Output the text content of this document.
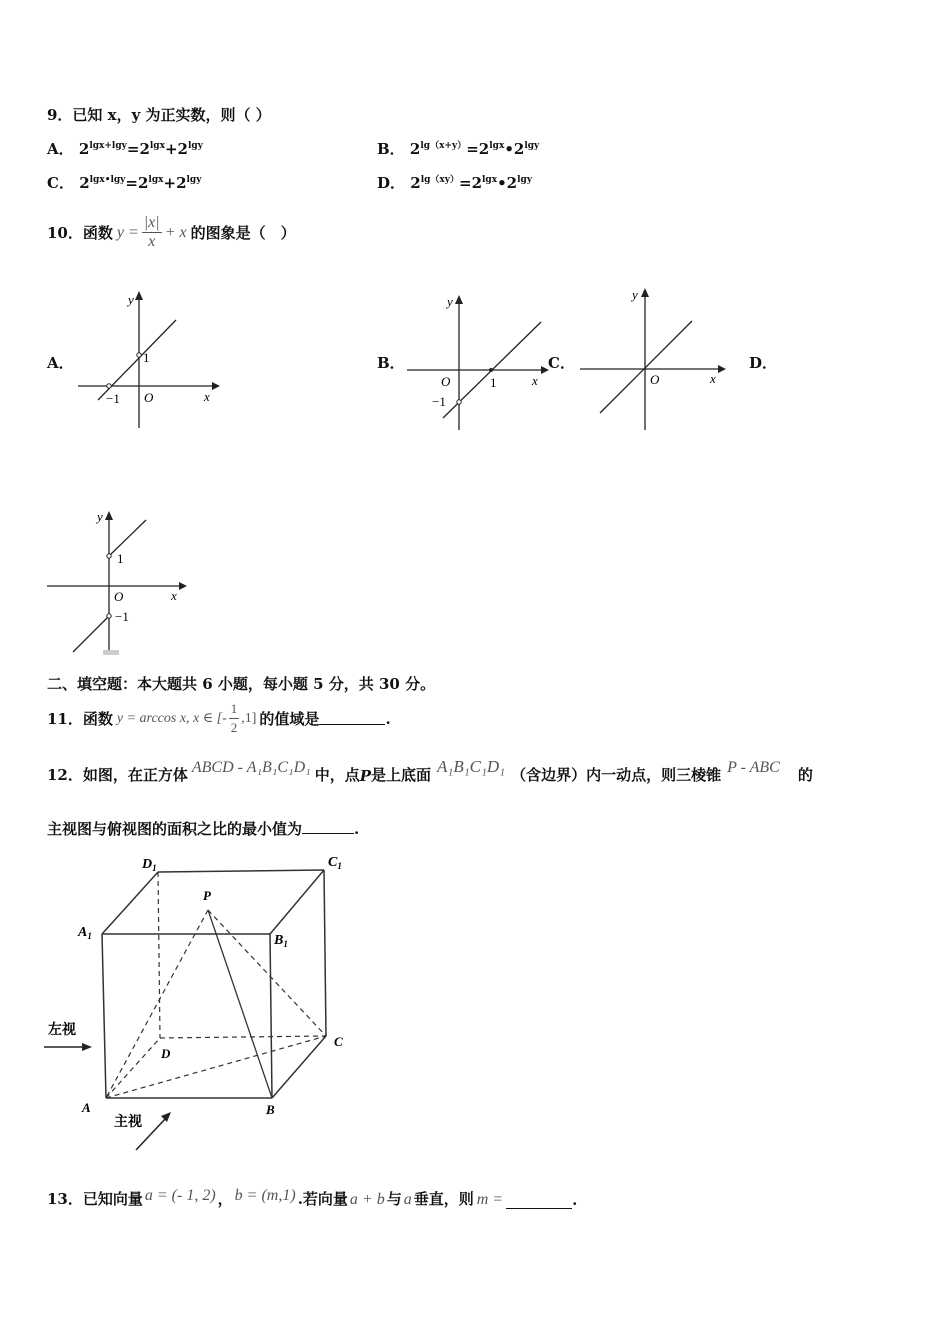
9．已知 x，y 为正实数，则（ ）
A． $2^{lgx+lgy}=2^{lgx}+2^{lgy}$	B． $2^{lg(x+y)}=2^{lgx}•2^{lgy}$
C． $2^{lgx•lgy}=2^{lgx}+2^{lgy}$	D． $2^{lg(xy)}=2^{lgx}•2^{lgy}$
10．函数 $y = \frac{|x|}{x} + x$ 的图象是（　）
A．	B．	C．	D．
y
x
O
1
−1
y
x
O	1
−1
y
x
O
y
x
O
1
−1
二、填空题：本大题共 6 小题，每小题 5 分，共 30 分。
11．函数 y = arccos x, x ∈ [- $\frac{1}{2} ,1$] 的值域是	.
12．如图，在正方体 ABCD - A₁B₁C₁D₁ 中，点 P 是上底面 A₁B₁C₁D₁ （含边界）内一动点，则三棱锥 P - ABC 的
主视图与俯视图的面积之比的最小值为	.
$D_1$	$C_1$
$A_1$	$B_1$
P
D
C
A	B
左视
主视
13．已知向量 a = (- 1, 2) ， b = (m,1) .若向量 a + b 与 a 垂直，则 m =	.
